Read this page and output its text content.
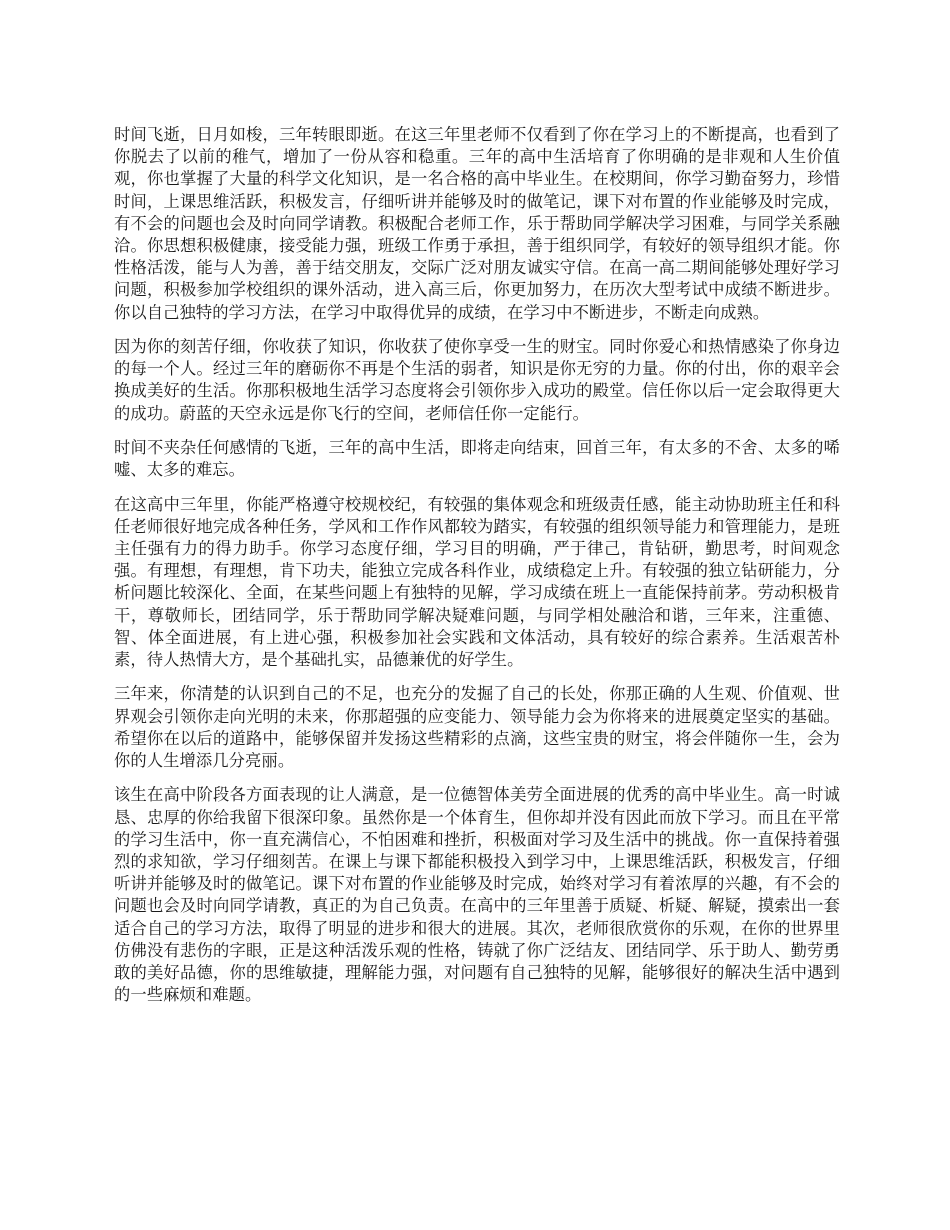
时间飞逝，日月如梭，三年转眼即逝。在这三年里老师不仅看到了你在学习上的不断提高，也看到了你脱去了以前的稚气，增加了一份从容和稳重。三年的高中生活培育了你明确的是非观和人生价值观，你也掌握了大量的科学文化知识，是一名合格的高中毕业生。在校期间，你学习勤奋努力，珍惜时间，上课思维活跃，积极发言，仔细听讲并能够及时的做笔记，课下对布置的作业能够及时完成，有不会的问题也会及时向同学请教。积极配合老师工作，乐于帮助同学解决学习困难，与同学关系融洽。你思想积极健康，接受能力强，班级工作勇于承担，善于组织同学，有较好的领导组织才能。你性格活泼，能与人为善，善于结交朋友，交际广泛对朋友诚实守信。在高一高二期间能够处理好学习问题，积极参加学校组织的课外活动，进入高三后，你更加努力，在历次大型考试中成绩不断进步。你以自己独特的学习方法，在学习中取得优异的成绩，在学习中不断进步，不断走向成熟。

因为你的刻苦仔细，你收获了知识，你收获了使你享受一生的财宝。同时你爱心和热情感染了你身边的每一个人。经过三年的磨砺你不再是个生活的弱者，知识是你无穷的力量。你的付出，你的艰辛会换成美好的生活。你那积极地生活学习态度将会引领你步入成功的殿堂。信任你以后一定会取得更大的成功。蔚蓝的天空永远是你飞行的空间，老师信任你一定能行。

时间不夹杂任何感情的飞逝，三年的高中生活，即将走向结束，回首三年，有太多的不舍、太多的唏嘘、太多的难忘。

在这高中三年里，你能严格遵守校规校纪，有较强的集体观念和班级责任感，能主动协助班主任和科任老师很好地完成各种任务，学风和工作作风都较为踏实，有较强的组织领导能力和管理能力，是班主任强有力的得力助手。你学习态度仔细，学习目的明确，严于律己，肯钻研，勤思考，时间观念强。有理想，有理想，肯下功夫，能独立完成各科作业，成绩稳定上升。有较强的独立钻研能力，分析问题比较深化、全面，在某些问题上有独特的见解，学习成绩在班上一直能保持前茅。劳动积极肯干，尊敬师长，团结同学，乐于帮助同学解决疑难问题，与同学相处融洽和谐，三年来，注重德、智、体全面进展，有上进心强，积极参加社会实践和文体活动，具有较好的综合素养。生活艰苦朴素，待人热情大方，是个基础扎实，品德兼优的好学生。

三年来，你清楚的认识到自己的不足，也充分的发掘了自己的长处，你那正确的人生观、价值观、世界观会引领你走向光明的未来，你那超强的应变能力、领导能力会为你将来的进展奠定坚实的基础。希望你在以后的道路中，能够保留并发扬这些精彩的点滴，这些宝贵的财宝，将会伴随你一生，会为你的人生增添几分亮丽。

该生在高中阶段各方面表现的让人满意，是一位德智体美劳全面进展的优秀的高中毕业生。高一时诚恳、忠厚的你给我留下很深印象。虽然你是一个体育生，但你却并没有因此而放下学习。而且在平常的学习生活中，你一直充满信心，不怕困难和挫折，积极面对学习及生活中的挑战。你一直保持着强烈的求知欲，学习仔细刻苦。在课上与课下都能积极投入到学习中，上课思维活跃，积极发言，仔细听讲并能够及时的做笔记。课下对布置的作业能够及时完成，始终对学习有着浓厚的兴趣，有不会的问题也会及时向同学请教，真正的为自己负责。在高中的三年里善于质疑、析疑、解疑，摸索出一套适合自己的学习方法，取得了明显的进步和很大的进展。其次，老师很欣赏你的乐观，在你的世界里仿佛没有悲伤的字眼，正是这种活泼乐观的性格，铸就了你广泛结友、团结同学、乐于助人、勤劳勇敢的美好品德，你的思维敏捷，理解能力强，对问题有自己独特的见解，能够很好的解决生活中遇到的一些麻烦和难题。
